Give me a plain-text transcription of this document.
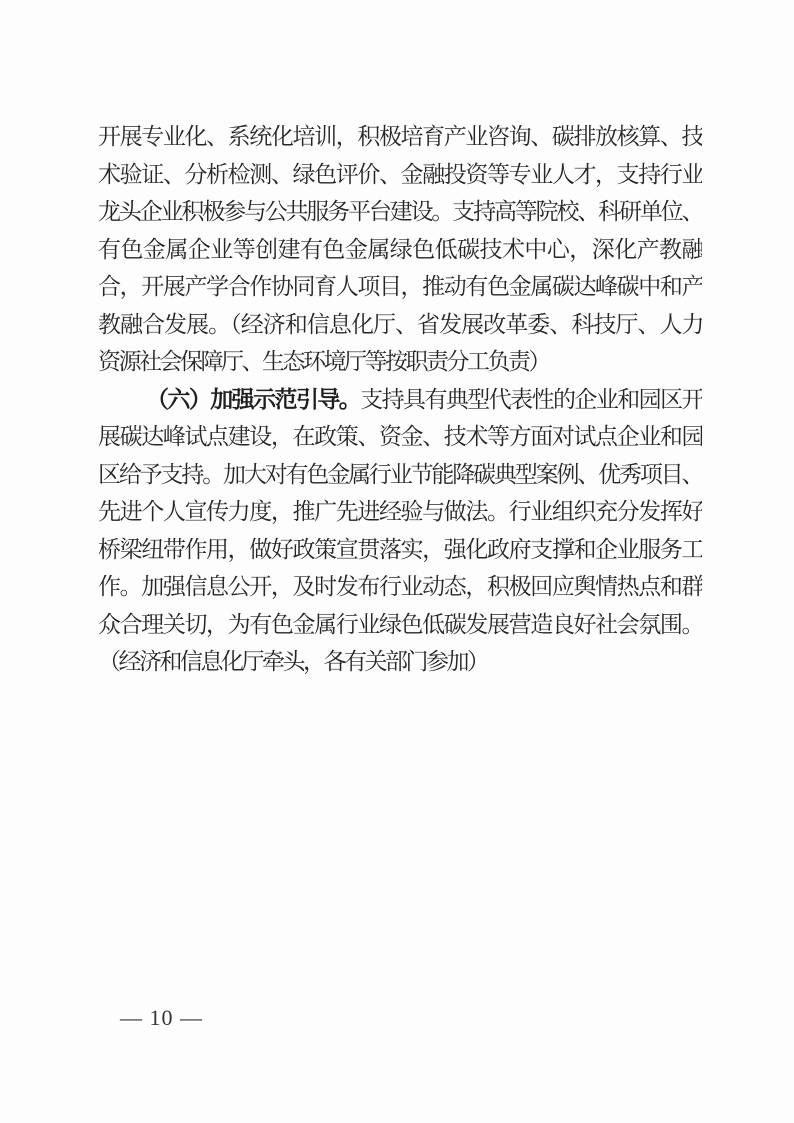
开展专业化、系统化培训，积极培育产业咨询、碳排放核算、技
术验证、分析检测、绿色评价、金融投资等专业人才，支持行业
龙头企业积极参与公共服务平台建设。支持高等院校、科研单位、
有色金属企业等创建有色金属绿色低碳技术中心，深化产教融
合，开展产学合作协同育人项目，推动有色金属碳达峰碳中和产
教融合发展。（经济和信息化厅、省发展改革委、科技厅、人力
资源社会保障厅、生态环境厅等按职责分工负责）
（六）加强示范引导。支持具有典型代表性的企业和园区开
展碳达峰试点建设，在政策、资金、技术等方面对试点企业和园
区给予支持。加大对有色金属行业节能降碳典型案例、优秀项目、
先进个人宣传力度，推广先进经验与做法。行业组织充分发挥好
桥梁纽带作用，做好政策宣贯落实，强化政府支撑和企业服务工
作。加强信息公开，及时发布行业动态，积极回应舆情热点和群
众合理关切，为有色金属行业绿色低碳发展营造良好社会氛围。
（经济和信息化厅牵头，各有关部门参加）
— 10 —
